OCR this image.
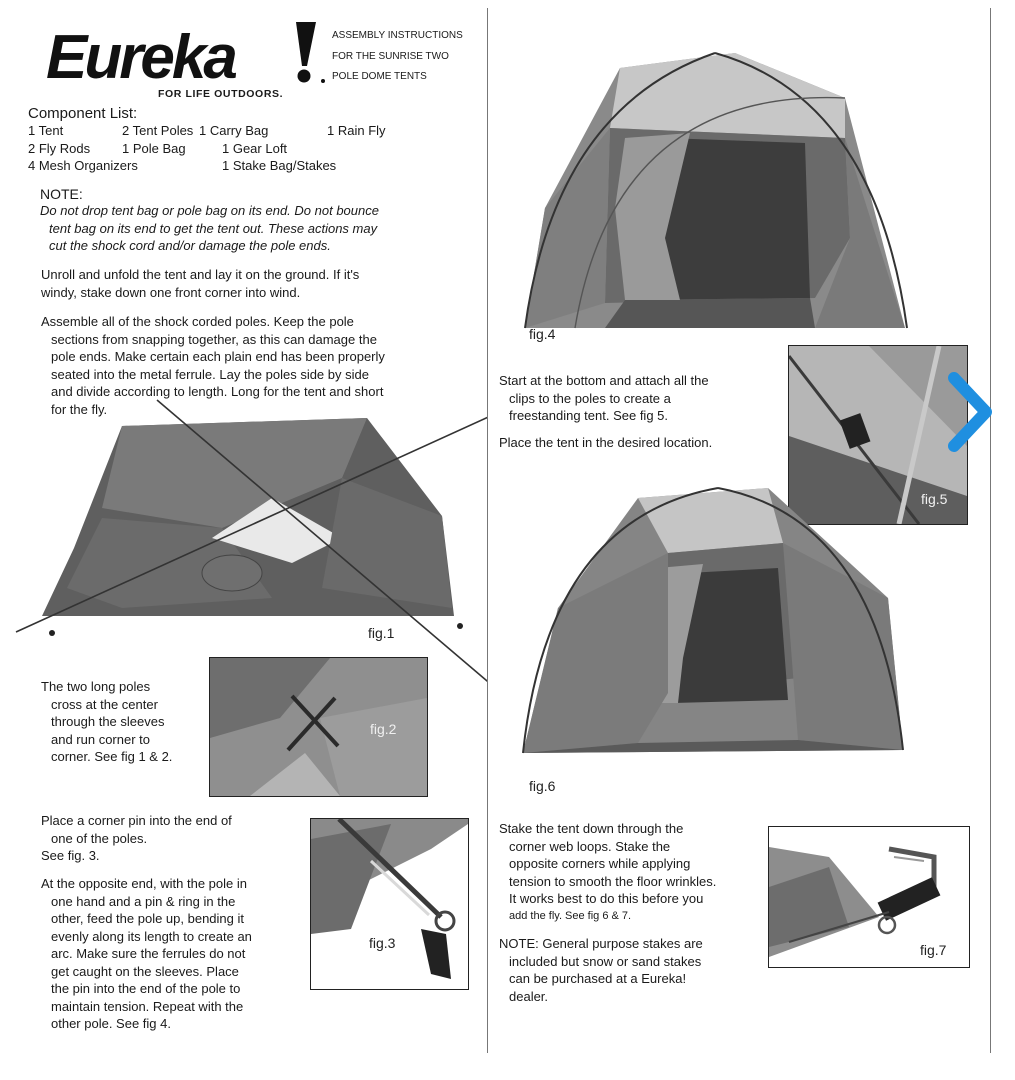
Eureka
FOR LIFE OUTDOORS.
ASSEMBLY INSTRUCTIONS
FOR THE SUNRISE TWO
POLE DOME TENTS
Component List:
1 Tent	2 Tent Poles 1 Carry Bag	1 Rain Fly
2 Fly Rods 1 Pole Bag	1 Gear Loft
4 Mesh Organizers	1 Stake Bag/Stakes
NOTE:

Do not drop tent bag or pole bag on its end. Do not bounce

tent bag on its end to get the tent out. These actions may

cut the shock cord and/or damage the pole ends.

Unroll and unfold the tent and lay it on the ground. If it's

windy, stake down one front corner into wind.

Assemble all of the shock corded poles. Keep the pole

sections from snapping together, as this can damage the

pole ends. Make certain each plain end has been properly

seated into the metal ferrule. Lay the poles side by side

and divide according to length. Long for the tent and short

for the fly.

fig.1

The two long poles

cross at the center

through the sleeves

and run corner to

corner. See fig 1 & 2.

fig.2

Place a corner pin into the end of

one of the poles.

See fig. 3.

fig.3

At the opposite end, with the pole in

one hand and a pin & ring in the

other, feed the pole up, bending it

evenly along its length to create an

arc. Make sure the ferrules do not

get caught on the sleeves. Place

the pin into the end of the pole to

maintain tension. Repeat with the

other pole. See fig 4.

fig.4

Start at the bottom and attach all the

clips to the poles to create a

freestanding tent. See fig 5.

Place the tent in the desired location.
fig.5
fig.6

Stake the tent down through the

corner web loops. Stake the

opposite corners while applying

tension to smooth the floor wrinkles.

It works best to do this before you

add the fly. See fig 6 & 7.

NOTE: General purpose stakes are

included but snow or sand stakes

can be purchased at a Eureka!

dealer.

fig.7
